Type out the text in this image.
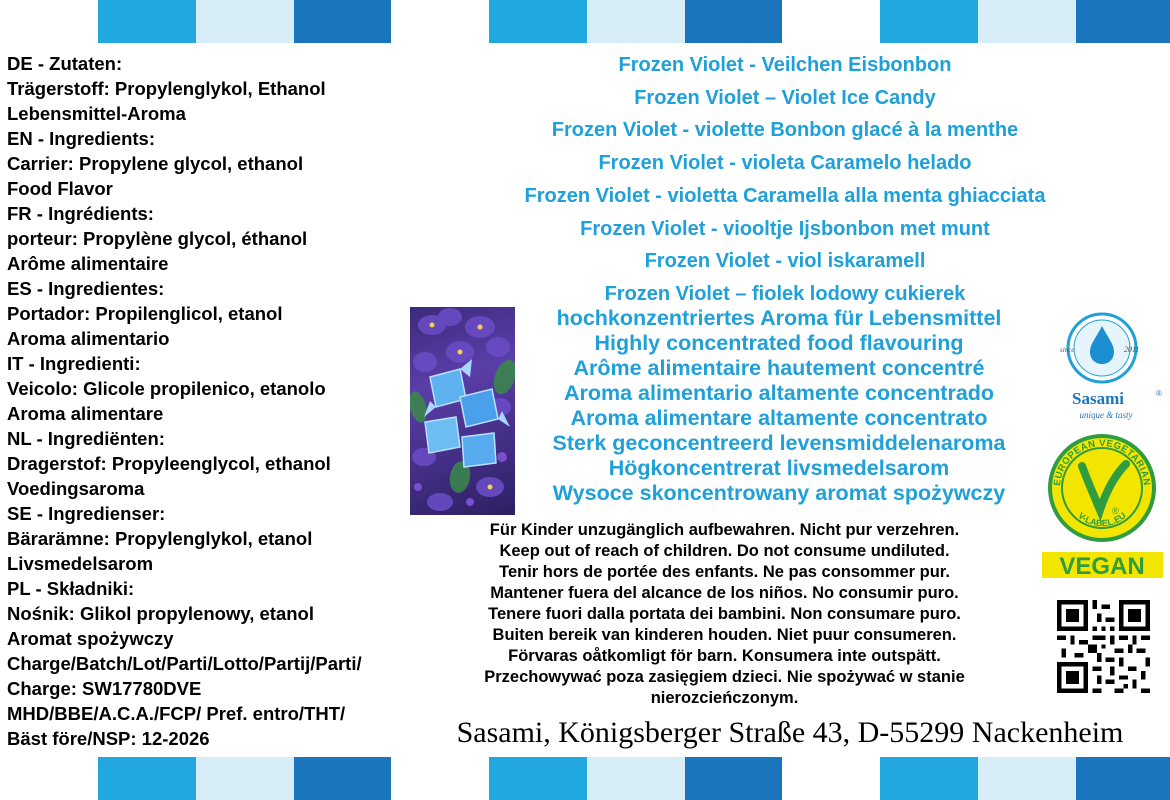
DE - Zutaten:
Trägerstoff: Propylenglykol, Ethanol
Lebensmittel-Aroma
EN - Ingredients:
Carrier: Propylene glycol, ethanol
Food Flavor
FR - Ingrédients:
porteur: Propylène glycol, éthanol
Arôme alimentaire
ES - Ingredientes:
Portador: Propilenglicol, etanol
Aroma alimentario
IT - Ingredienti:
Veicolo: Glicole propilenico, etanolo
Aroma alimentare
NL - Ingrediënten:
Dragerstof: Propyleenglycol, ethanol
Voedingsaroma
SE - Ingredienser:
Bärarämne: Propylenglykol, etanol
Livsmedelsarom
PL - Składniki:
Nośnik: Glikol propylenowy, etanol
Aromat spożywczy
Charge/Batch/Lot/Parti/Lotto/Partij/Parti/
Charge: SW17780DVE
MHD/BBE/A.C.A./FCP/ Pref. entro/THT/
Bäst före/NSP: 12-2026
Frozen Violet - Veilchen Eisbonbon
Frozen Violet – Violet Ice Candy
Frozen Violet - violette Bonbon glacé à la menthe
Frozen Violet - violeta Caramelo helado
Frozen Violet - violetta Caramella alla menta ghiacciata
Frozen Violet - viooltje Ijsbonbon met munt
Frozen Violet - viol iskaramell
Frozen Violet – fiolek lodowy cukierek
hochkonzentriertes Aroma für Lebensmittel
Highly concentrated food flavouring
Arôme alimentaire hautement concentré
Aroma alimentario altamente concentrado
Aroma alimentare altamente concentrato
Sterk geconcentreerd levensmiddelenaroma
Högkoncentrerat livsmedelsarom
Wysoce skoncentrowany aromat spożywczy
Für Kinder unzugänglich aufbewahren. Nicht pur verzehren.
Keep out of reach of children. Do not consume undiluted.
Tenir hors de portée des enfants. Ne pas consommer pur.
Mantener fuera del alcance de los niños. No consumir puro.
Tenere fuori dalla portata dei bambini. Non consumare puro.
Buiten bereik van kinderen houden. Niet puur consumeren.
Förvaras oåtkomligt för barn. Konsumera inte outspätt.
Przechowywać poza zasięgiem dzieci. Nie spożywać w stanie
nierozcieńczonym.
Sasami, Königsberger Straße 43, D-55299 Nackenheim
since	2011
Sasami	®
unique & tasty
EUROPEAN VEGETARIAN
V-LABEL.EU
®
VEGAN
